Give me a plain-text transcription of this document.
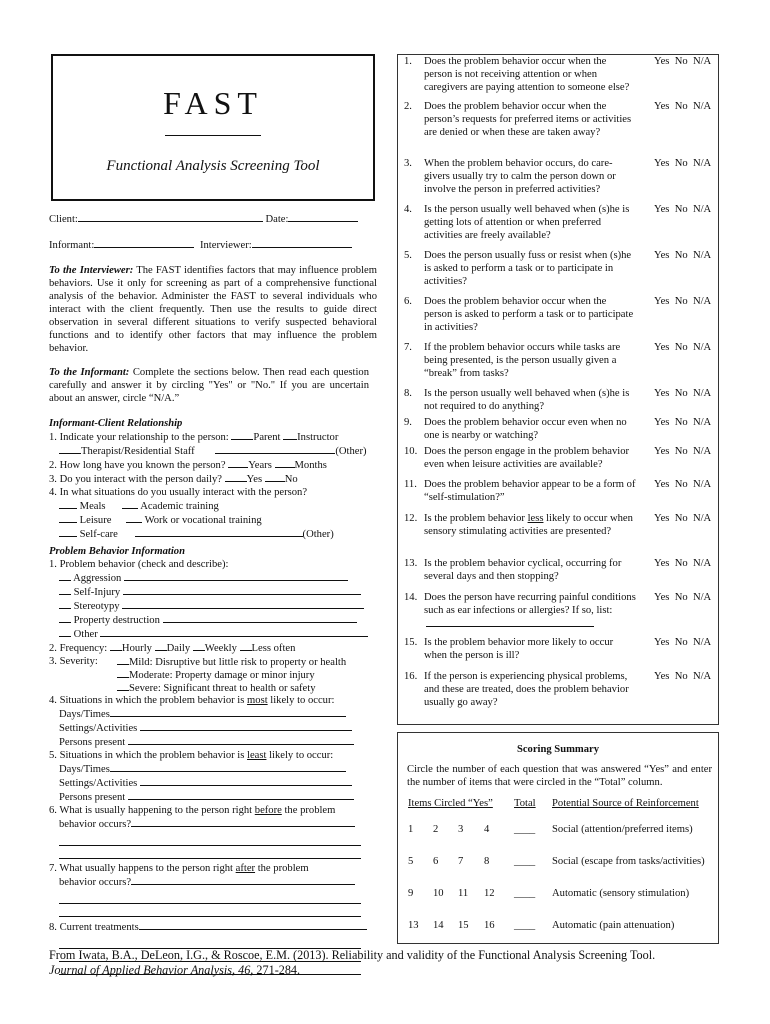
FAST
Functional Analysis Screening Tool
Client:	Date:
Informant:	Interviewer:
To the Interviewer: The FAST identifies factors that may influence problem behaviors. Use it only for screening as part of a comprehensive functional analysis of the behavior. Administer the FAST to several individuals who interact with the client frequently. Then use the results to guide direct observation in several different situations to verify suspected behavioral functions and to identify other factors that may influence the problem behavior.
To the Informant: Complete the sections below. Then read each question carefully and answer it by circling "Yes" or "No." If you are uncertain about an answer, circle “N/A.”
Informant-Client Relationship
1. Indicate your relationship to the person: Parent Instructor
Therapist/Residential Staff	(Other)
2. How long have you known the person? Years Months
3. Do you interact with the person daily? Yes No
4. In what situations do you usually interact with the person?
Meals	Academic training
Leisure	Work or vocational training
Self-care	(Other)
Problem Behavior Information
1. Problem behavior (check and describe):
Aggression
Self-Injury
Stereotypy
Property destruction
Other
2. Frequency: Hourly Daily Weekly Less often
3. Severity:	Mild: Disruptive but little risk to property or health
Moderate: Property damage or minor injury
Severe: Significant threat to health or safety
4. Situations in which the problem behavior is most likely to occur:
Days/Times
Settings/Activities
Persons present
5. Situations in which the problem behavior is least likely to occur:
Days/Times
Settings/Activities
Persons present
6. What is usually happening to the person right before the problem
behavior occurs?
7. What usually happens to the person right after the problem
behavior occurs?
8. Current treatments
1. Does the problem behavior occur when the person is not receiving attention or when caregivers are paying attention to someone else?
Yes  No  N/A
2. Does the problem behavior occur when the person’s requests for preferred items or activities are denied or when these are taken away?
Yes  No  N/A
3. When the problem behavior occurs, do care-givers usually try to calm the person down or involve the person in preferred activities?
Yes  No  N/A
4. Is the person usually well behaved when (s)he is getting lots of attention or when preferred activities are freely available?
Yes  No  N/A
5. Does the person usually fuss or resist when (s)he is asked to perform a task or to participate in activities?
Yes  No  N/A
6. Does the problem behavior occur when the person is asked to perform a task or to participate in activities?
Yes  No  N/A
7. If the problem behavior occurs while tasks are being presented, is the person usually given a “break” from tasks?
Yes  No  N/A
8. Is the person usually well behaved when (s)he is not required to do anything?
Yes  No  N/A
9. Does the problem behavior occur even when no one is nearby or watching?
Yes  No  N/A
10. Does the person engage in the problem behavior even when leisure activities are available?
Yes  No  N/A
11. Does the problem behavior appear to be a form of “self-stimulation?”
Yes  No  N/A
12. Is the problem behavior less likely to occur when sensory stimulating activities are presented?
Yes  No  N/A
13. Is the problem behavior cyclical, occurring for several days and then stopping?
Yes  No  N/A
14. Does the person have recurring painful conditions such as ear infections or allergies? If so, list:
Yes  No  N/A
15. Is the problem behavior more likely to occur when the person is ill?
Yes  No  N/A
16. If the person is experiencing physical problems, and these are treated, does the problem behavior usually go away?
Yes  No  N/A
Scoring Summary
Circle the number of each question that was answered “Yes” and enter the number of items that were circled in the “Total” column.
Items Circled “Yes” Total Potential Source of Reinforcement
1 2 3 4 ____ Social (attention/preferred items)
5 6 7 8 ____ Social (escape from tasks/activities)
9 10 11 12 ____ Automatic (sensory stimulation)
13 14 15 16 ____ Automatic (pain attenuation)
From Iwata, B.A., DeLeon, I.G., & Roscoe, E.M. (2013). Reliability and validity of the Functional Analysis Screening Tool.
Journal of Applied Behavior Analysis, 46, 271-284.
